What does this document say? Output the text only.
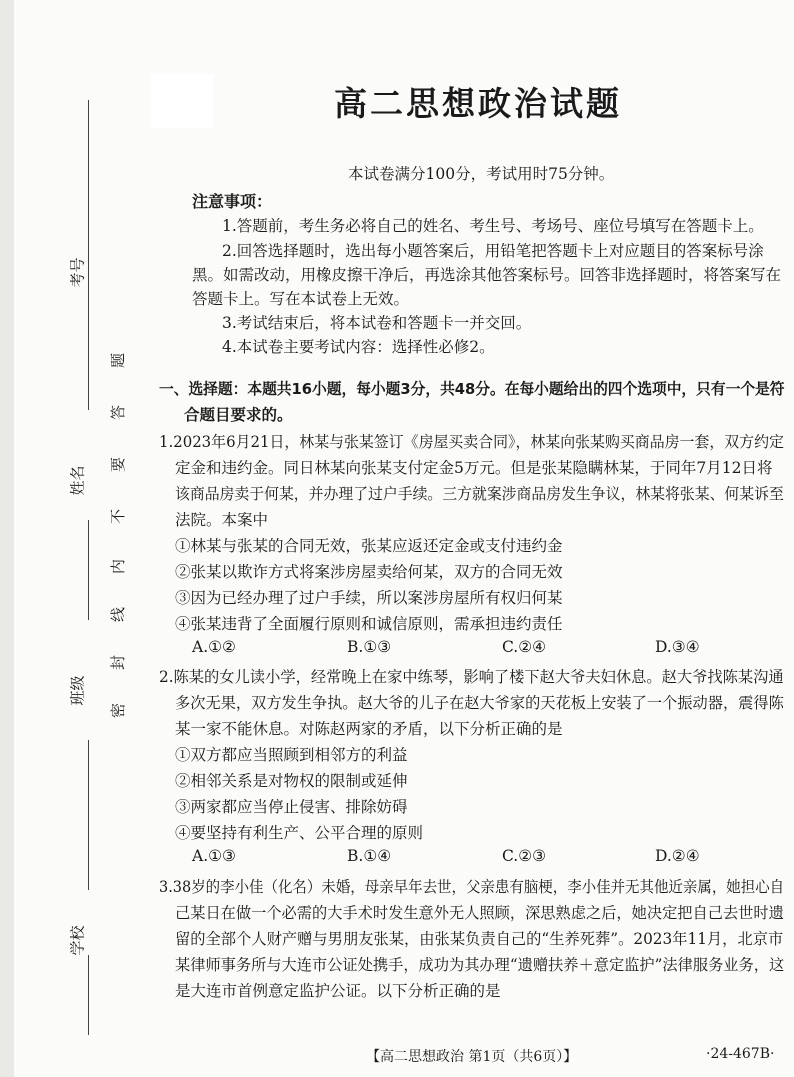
考号
姓名
班级
学校
题
答
要
不
内
线
封
密
高二思想政治试题
本试卷满分100分，考试用时75分钟。
注意事项：
1.答题前，考生务必将自己的姓名、考生号、考场号、座位号填写在答题卡上。
2.回答选择题时，选出每小题答案后，用铅笔把答题卡上对应题目的答案标号涂
黑。如需改动，用橡皮擦干净后，再选涂其他答案标号。回答非选择题时，将答案写在
答题卡上。写在本试卷上无效。
3.考试结束后，将本试卷和答题卡一并交回。
4.本试卷主要考试内容：选择性必修2。
一、选择题：本题共16小题，每小题3分，共48分。在每小题给出的四个选项中，只有一个是符
合题目要求的。
1.2023年6月21日，林某与张某签订《房屋买卖合同》，林某向张某购买商品房一套，双方约定
定金和违约金。同日林某向张某支付定金5万元。但是张某隐瞒林某，于同年7月12日将
该商品房卖于何某，并办理了过户手续。三方就案涉商品房发生争议，林某将张某、何某诉至
法院。本案中
①林某与张某的合同无效，张某应返还定金或支付违约金
②张某以欺诈方式将案涉房屋卖给何某，双方的合同无效
③因为已经办理了过户手续，所以案涉房屋所有权归何某
④张某违背了全面履行原则和诚信原则，需承担违约责任
A.①②	B.①③	C.②④	D.③④
2.陈某的女儿读小学，经常晚上在家中练琴，影响了楼下赵大爷夫妇休息。赵大爷找陈某沟通
多次无果，双方发生争执。赵大爷的儿子在赵大爷家的天花板上安装了一个振动器，震得陈
某一家不能休息。对陈赵两家的矛盾，以下分析正确的是
①双方都应当照顾到相邻方的利益
②相邻关系是对物权的限制或延伸
③两家都应当停止侵害、排除妨碍
④要坚持有利生产、公平合理的原则
A.①③	B.①④	C.②③	D.②④
3.38岁的李小佳（化名）未婚，母亲早年去世，父亲患有脑梗，李小佳并无其他近亲属，她担心自
己某日在做一个必需的大手术时发生意外无人照顾，深思熟虑之后，她决定把自己去世时遗
留的全部个人财产赠与男朋友张某，由张某负责自己的“生养死葬”。2023年11月，北京市
某律师事务所与大连市公证处携手，成功为其办理“遗赠扶养＋意定监护”法律服务业务，这
是大连市首例意定监护公证。以下分析正确的是
【高二思想政治 第1页（共6页）】	·24-467B·
